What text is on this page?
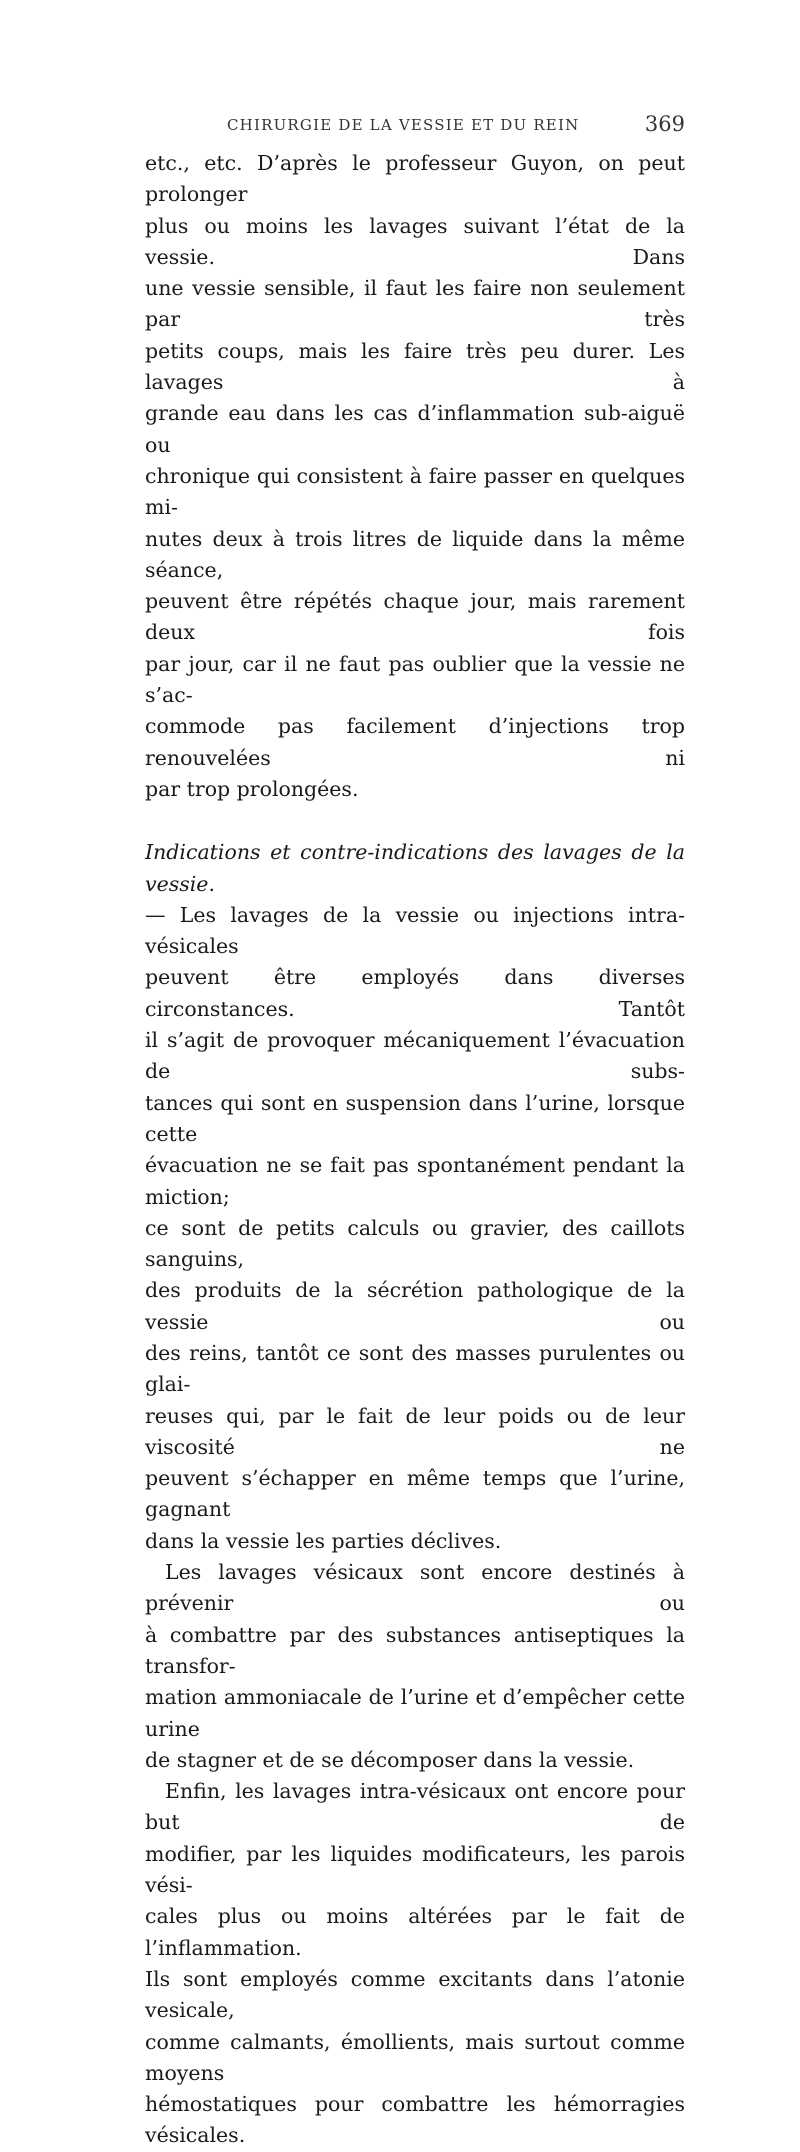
CHIRURGIE DE LA VESSIE ET DU REIN	369

etc., etc. D’après le professeur Guyon, on peut prolonger

plus ou moins les lavages suivant l’état de la vessie. Dans

une vessie sensible, il faut les faire non seulement par très

petits coups, mais les faire très peu durer. Les lavages à

grande eau dans les cas d’inflammation sub-aiguë ou

chronique qui consistent à faire passer en quelques mi-

nutes deux à trois litres de liquide dans la même séance,

peuvent être répétés chaque jour, mais rarement deux fois

par jour, car il ne faut pas oublier que la vessie ne s’ac-

commode pas facilement d’injections trop renouvelées ni

par trop prolongées.

Indications et contre-indications des lavages de la vessie.

— Les lavages de la vessie ou injections intra-vésicales

peuvent être employés dans diverses circonstances. Tantôt

il s’agit de provoquer mécaniquement l’évacuation de subs-

tances qui sont en suspension dans l’urine, lorsque cette

évacuation ne se fait pas spontanément pendant la miction;

ce sont de petits calculs ou gravier, des caillots sanguins,

des produits de la sécrétion pathologique de la vessie ou

des reins, tantôt ce sont des masses purulentes ou glai-

reuses qui, par le fait de leur poids ou de leur viscosité ne

peuvent s’échapper en même temps que l’urine, gagnant

dans la vessie les parties déclives.

Les lavages vésicaux sont encore destinés à prévenir ou

à combattre par des substances antiseptiques la transfor-

mation ammoniacale de l’urine et d’empêcher cette urine

de stagner et de se décomposer dans la vessie.

Enfin, les lavages intra-vésicaux ont encore pour but de

modifier, par les liquides modificateurs, les parois vési-

cales plus ou moins altérées par le fait de l’inflammation.

Ils sont employés comme excitants dans l’atonie vesicale,

comme calmants, émollients, mais surtout comme moyens

hémostatiques pour combattre les hémorragies vésicales.
